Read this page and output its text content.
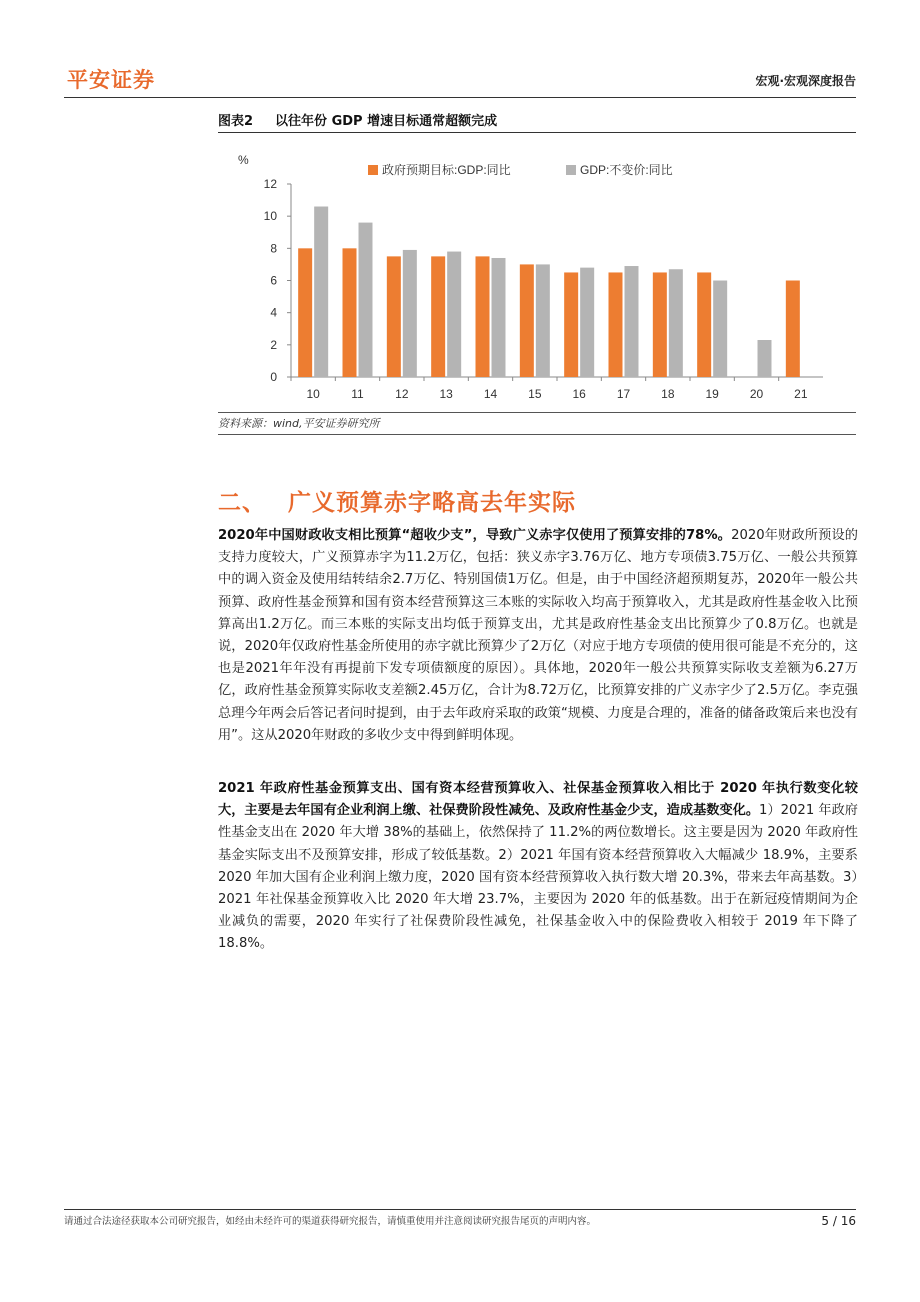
平安证券	宏观·宏观深度报告
图表2 以往年份 GDP 增速目标通常超额完成
%
0
2
4
6
8
10
12
10	11	12	13	14	15	16	17	18	19	20	21
政府预期目标:GDP:同比	GDP:不变价:同比
资料来源：wind,平安证券研究所
二、 广义预算赤字略高去年实际

2020年中国财政收支相比预算“超收少支”，导致广义赤字仅使用了预算安排的78%。2020年财政所预设的支持力度较大，广义预算赤字为11.2万亿，包括：狭义赤字3.76万亿、地方专项债3.75万亿、一般公共预算中的调入资金及使用结转结余2.7万亿、特别国债1万亿。但是，由于中国经济超预期复苏，2020年一般公共预算、政府性基金预算和国有资本经营预算这三本账的实际收入均高于预算收入，尤其是政府性基金收入比预算高出1.2万亿。而三本账的实际支出均低于预算支出，尤其是政府性基金支出比预算少了0.8万亿。也就是说，2020年仅政府性基金所使用的赤字就比预算少了2万亿（对应于地方专项债的使用很可能是不充分的，这也是2021年年没有再提前下发专项债额度的原因）。具体地，2020年一般公共预算实际收支差额为6.27万亿，政府性基金预算实际收支差额2.45万亿，合计为8.72万亿，比预算安排的广义赤字少了2.5万亿。李克强总理今年两会后答记者问时提到，由于去年政府采取的政策“规模、力度是合理的，准备的储备政策后来也没有用”。这从2020年财政的多收少支中得到鲜明体现。

2021 年政府性基金预算支出、国有资本经营预算收入、社保基金预算收入相比于 2020 年执行数变化较大，主要是去年国有企业利润上缴、社保费阶段性减免、及政府性基金少支，造成基数变化。1）2021 年政府性基金支出在 2020 年大增 38%的基础上，依然保持了 11.2%的两位数增长。这主要是因为 2020 年政府性基金实际支出不及预算安排，形成了较低基数。2）2021 年国有资本经营预算收入大幅减少 18.9%，主要系 2020 年加大国有企业利润上缴力度，2020 国有资本经营预算收入执行数大增 20.3%，带来去年高基数。3）2021 年社保基金预算收入比 2020 年大增 23.7%，主要因为 2020 年的低基数。出于在新冠疫情期间为企业减负的需要，2020 年实行了社保费阶段性减免，社保基金收入中的保险费收入相较于 2019 年下降了 18.8%。

请通过合法途径获取本公司研究报告，如经由未经许可的渠道获得研究报告，请慎重使用并注意阅读研究报告尾页的声明内容。	5 / 16
